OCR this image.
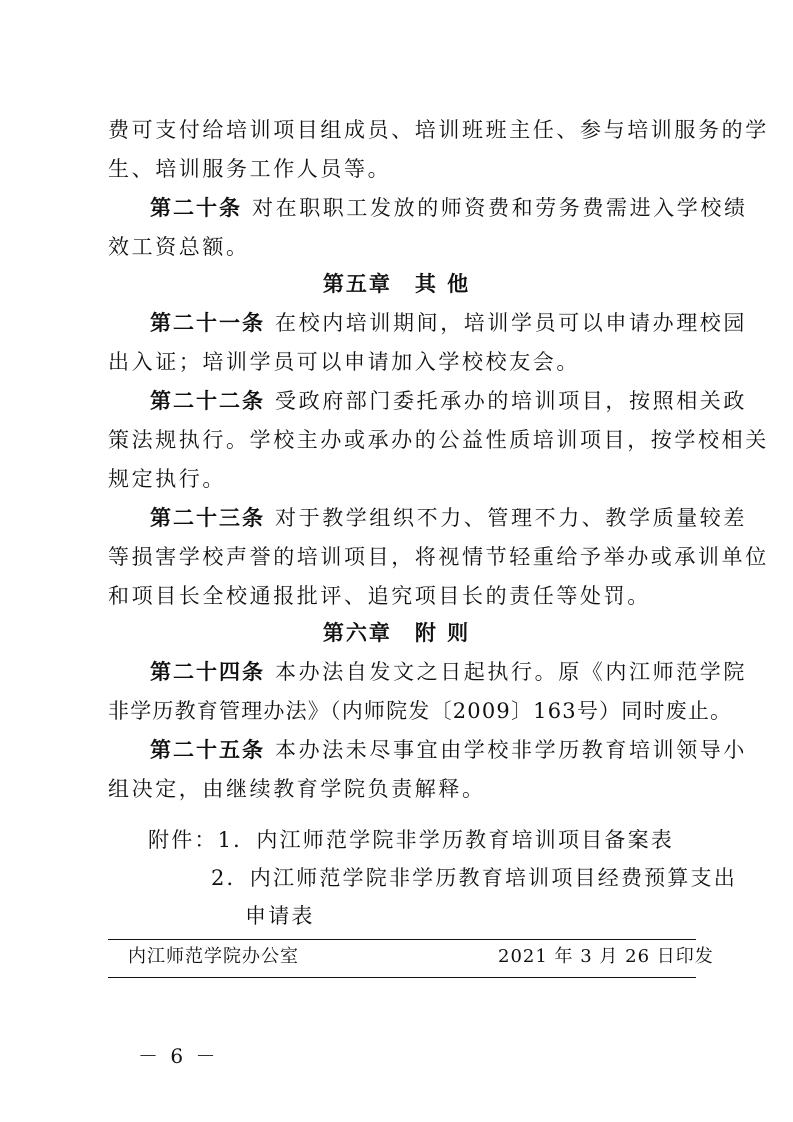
费可支付给培训项目组成员、培训班班主任、参与培训服务的学
生、培训服务工作人员等。
第二十条 对在职职工发放的师资费和劳务费需进入学校绩
效工资总额。
第五章　其 他
第二十一条 在校内培训期间，培训学员可以申请办理校园
出入证；培训学员可以申请加入学校校友会。
第二十二条 受政府部门委托承办的培训项目，按照相关政
策法规执行。学校主办或承办的公益性质培训项目，按学校相关
规定执行。
第二十三条 对于教学组织不力、管理不力、教学质量较差
等损害学校声誉的培训项目，将视情节轻重给予举办或承训单位
和项目长全校通报批评、追究项目长的责任等处罚。
第六章　附 则
第二十四条 本办法自发文之日起执行。原《内江师范学院
非学历教育管理办法》（内师院发〔2009〕163号）同时废止。
第二十五条 本办法未尽事宜由学校非学历教育培训领导小
组决定，由继续教育学院负责解释。
附件：1．内江师范学院非学历教育培训项目备案表
2．内江师范学院非学历教育培训项目经费预算支出
申请表
内江师范学院办公室	2021 年 3 月 26 日印发
－ 6 －
